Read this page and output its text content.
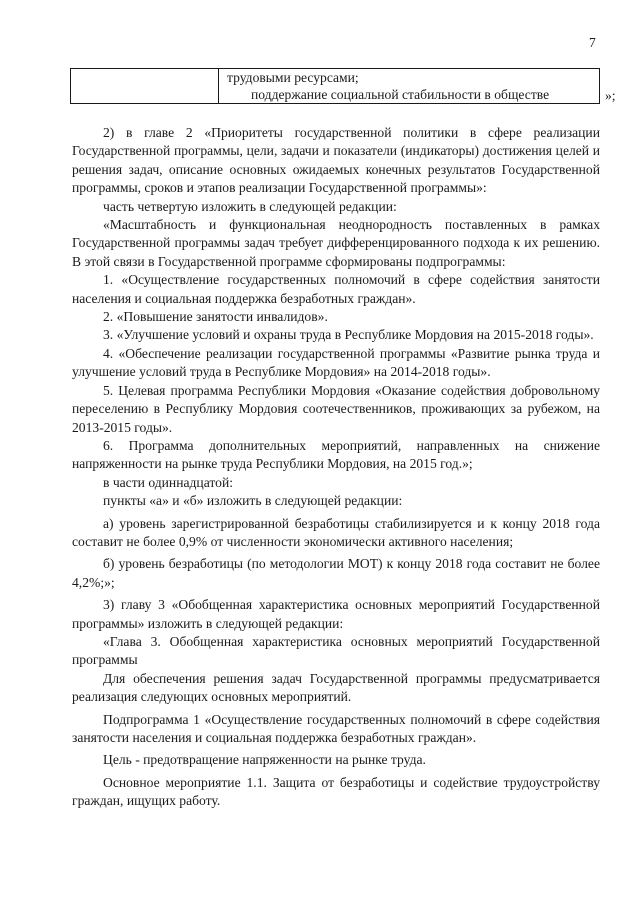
7

трудовыми ресурсами;
поддержание социальной стабильности в обществе	»;

2) в главе 2 «Приоритеты государственной политики в сфере реализации Государственной программы, цели, задачи и показатели (индикаторы) достижения целей и решения задач, описание основных ожидаемых конечных результатов Государственной программы, сроков и этапов реализации Государственной программы»:

часть четвертую изложить в следующей редакции:

«Масштабность и функциональная неоднородность поставленных в рамках Государственной программы задач требует дифференцированного подхода к их решению. В этой связи в Государственной программе сформированы подпрограммы:

1. «Осуществление государственных полномочий в сфере содействия занятости населения и социальная поддержка безработных граждан».

2. «Повышение занятости инвалидов».

3. «Улучшение условий и охраны труда в Республике Мордовия на 2015-2018 годы».

4. «Обеспечение реализации государственной программы «Развитие рынка труда и улучшение условий труда в Республике Мордовия» на 2014-2018 годы».

5. Целевая программа Республики Мордовия «Оказание содействия добровольному переселению в Республику Мордовия соотечественников, проживающих за рубежом, на 2013-2015 годы».

6. Программа дополнительных мероприятий, направленных на снижение напряженности на рынке труда Республики Мордовия, на 2015 год.»;

в части одиннадцатой:

пункты «а» и «б» изложить в следующей редакции:

а) уровень зарегистрированной безработицы стабилизируется и к концу 2018 года составит не более 0,9% от численности экономически активного населения;

б) уровень безработицы (по методологии МОТ) к концу 2018 года составит не более 4,2%;»;

3) главу 3 «Обобщенная характеристика основных мероприятий Государственной программы» изложить в следующей редакции:

«Глава 3. Обобщенная характеристика основных мероприятий Государственной программы

Для обеспечения решения задач Государственной программы предусматривается реализация следующих основных мероприятий.

Подпрограмма 1 «Осуществление государственных полномочий в сфере содействия занятости населения и социальная поддержка безработных граждан».

Цель - предотвращение напряженности на рынке труда.

Основное мероприятие 1.1. Защита от безработицы и содействие трудоустройству граждан, ищущих работу.
